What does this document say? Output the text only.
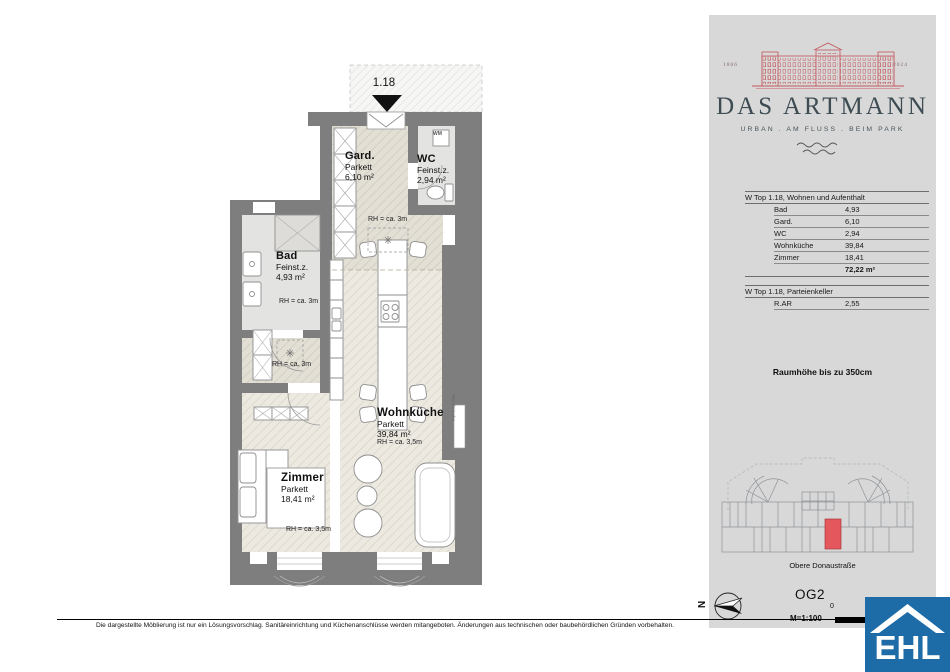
1.18
Gard.
Parkett
6,10 m²
WC
Feinst.z.
2,94 m²
Bad
Feinst.z.
4,93 m²
RH = ca. 3m
RH = ca. 3m
RH = ca. 3m
Wohnküche
Parkett
39,84 m²
RH = ca. 3,5m
Zimmer
Parkett
18,41 m²
RH = ca. 3,5m
WM
Wandnische
1866	2024
DAS ARTMANN
URBAN . AM FLUSS . BEIM PARK
W Top 1.18, Wohnen und Aufenthalt
Bad	4,93
Gard.	6,10
WC	2,94
Wohnküche	39,84
Zimmer	18,41
72,22 m²
W Top 1.18, Parteienkeller
R.AR	2,55
Raumhöhe bis zu 350cm
Obere Donaustraße
OG2
0
N
Die dargestellte Möblierung ist nur ein Lösungsvorschlag. Sanitäreinrichtung und Küchenanschlüsse werden mitangeboten. Änderungen aus technischen oder baubehördlichen Gründen vorbehalten.
EHL
